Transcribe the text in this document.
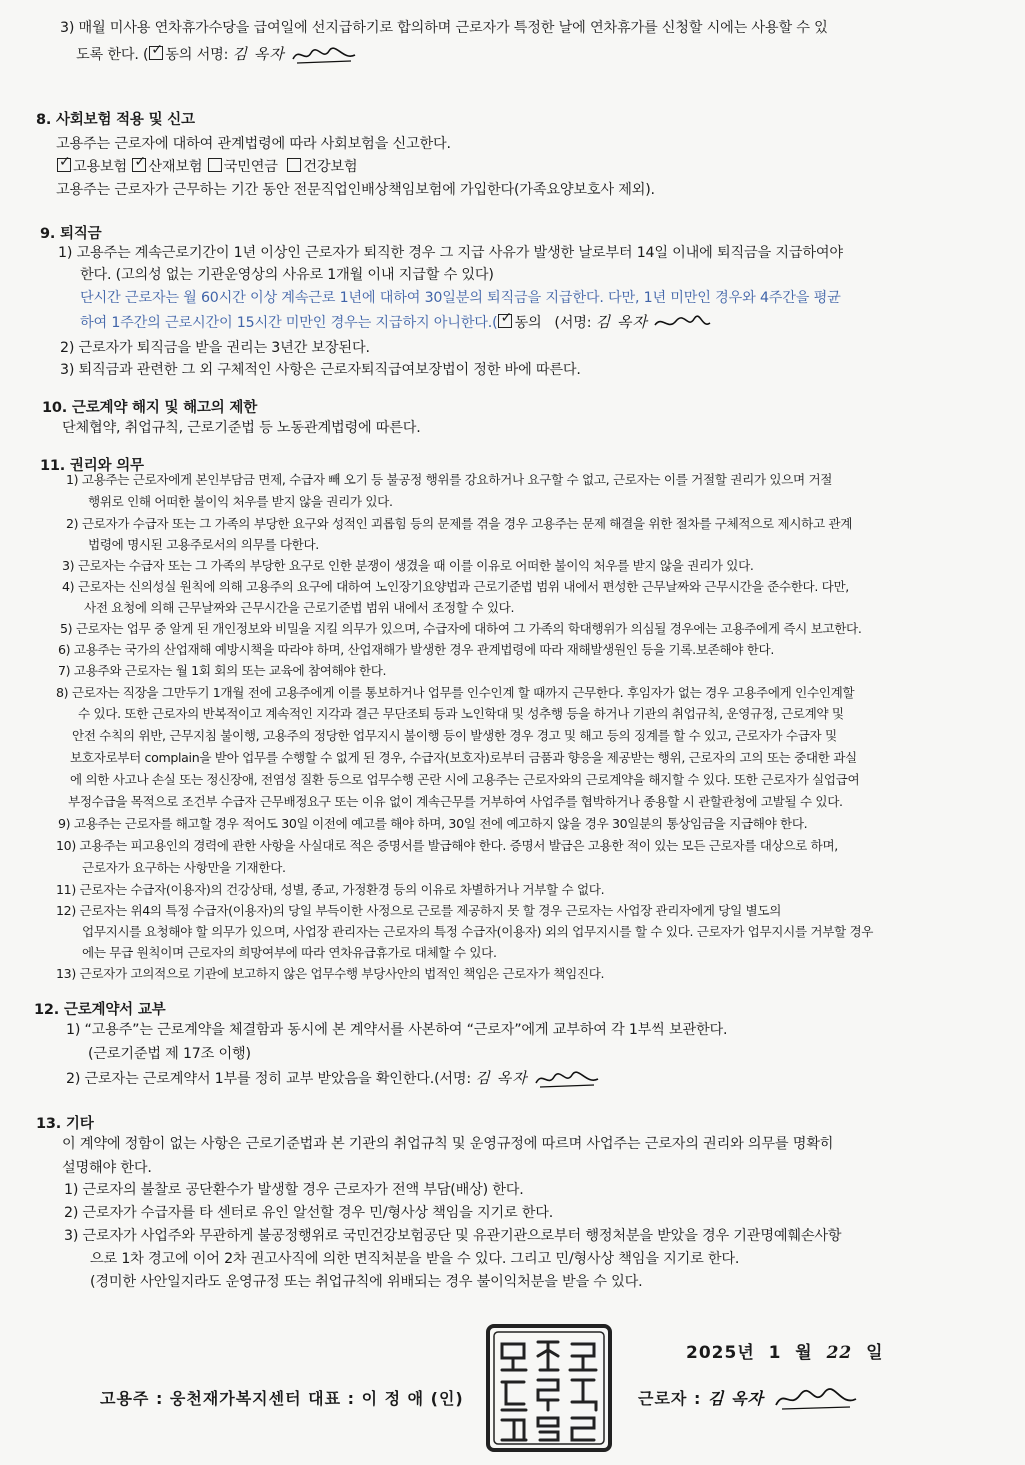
3) 매월 미사용 연차휴가수당을 급여일에 선지급하기로 합의하며 근로자가 특정한 날에 연차휴가를 신청할 시에는 사용할 수 있
도록 한다. ( ✓ 동의 서명: 김 옥자
8. 사회보험 적용 및 신고
고용주는 근로자에 대하여 관계법령에 따라 사회보험을 신고한다.
✓ 고용보험 ✓ 산재보험 국민연금 건강보험
고용주는 근로자가 근무하는 기간 동안 전문직업인배상책임보험에 가입한다(가족요양보호사 제외).
9. 퇴직금
1) 고용주는 계속근로기간이 1년 이상인 근로자가 퇴직한 경우 그 지급 사유가 발생한 날로부터 14일 이내에 퇴직금을 지급하여야
한다. (고의성 없는 기관운영상의 사유로 1개월 이내 지급할 수 있다)
단시간 근로자는 월 60시간 이상 계속근로 1년에 대하여 30일분의 퇴직금을 지급한다. 다만, 1년 미만인 경우와 4주간을 평균
하여 1주간의 근로시간이 15시간 미만인 경우는 지급하지 아니한다.( ✓ 동의 (서명: 김 옥자
2) 근로자가 퇴직금을 받을 권리는 3년간 보장된다.
3) 퇴직금과 관련한 그 외 구체적인 사항은 근로자퇴직급여보장법이 정한 바에 따른다.
10. 근로계약 해지 및 해고의 제한
단체협약, 취업규칙, 근로기준법 등 노동관계법령에 따른다.
11. 권리와 의무
1) 고용주는 근로자에게 본인부담금 면제, 수급자 빼 오기 등 불공정 행위를 강요하거나 요구할 수 없고, 근로자는 이를 거절할 권리가 있으며 거절
행위로 인해 어떠한 불이익 처우를 받지 않을 권리가 있다.
2) 근로자가 수급자 또는 그 가족의 부당한 요구와 성적인 괴롭힘 등의 문제를 겪을 경우 고용주는 문제 해결을 위한 절차를 구체적으로 제시하고 관계
법령에 명시된 고용주로서의 의무를 다한다.
3) 근로자는 수급자 또는 그 가족의 부당한 요구로 인한 분쟁이 생겼을 때 이를 이유로 어떠한 불이익 처우를 받지 않을 권리가 있다.
4) 근로자는 신의성실 원칙에 의해 고용주의 요구에 대하여 노인장기요양법과 근로기준법 범위 내에서 편성한 근무날짜와 근무시간을 준수한다. 다만,
사전 요청에 의해 근무날짜와 근무시간을 근로기준법 범위 내에서 조정할 수 있다.
5) 근로자는 업무 중 알게 된 개인정보와 비밀을 지킬 의무가 있으며, 수급자에 대하여 그 가족의 학대행위가 의심될 경우에는 고용주에게 즉시 보고한다.
6) 고용주는 국가의 산업재해 예방시책을 따라야 하며, 산업재해가 발생한 경우 관계법령에 따라 재해발생원인 등을 기록.보존해야 한다.
7) 고용주와 근로자는 월 1회 회의 또는 교육에 참여해야 한다.
8) 근로자는 직장을 그만두기 1개월 전에 고용주에게 이를 통보하거나 업무를 인수인계 할 때까지 근무한다. 후임자가 없는 경우 고용주에게 인수인계할
수 있다. 또한 근로자의 반복적이고 계속적인 지각과 결근 무단조퇴 등과 노인학대 및 성추행 등을 하거나 기관의 취업규칙, 운영규정, 근로계약 및
안전 수칙의 위반, 근무지침 불이행, 고용주의 정당한 업무지시 불이행 등이 발생한 경우 경고 및 해고 등의 징계를 할 수 있고, 근로자가 수급자 및
보호자로부터 complain을 받아 업무를 수행할 수 없게 된 경우, 수급자(보호자)로부터 금품과 향응을 제공받는 행위, 근로자의 고의 또는 중대한 과실
에 의한 사고나 손실 또는 정신장애, 전염성 질환 등으로 업무수행 곤란 시에 고용주는 근로자와의 근로계약을 해지할 수 있다. 또한 근로자가 실업급여
부정수급을 목적으로 조건부 수급자 근무배정요구 또는 이유 없이 계속근무를 거부하여 사업주를 협박하거나 종용할 시 관할관청에 고발될 수 있다.
9) 고용주는 근로자를 해고할 경우 적어도 30일 이전에 예고를 해야 하며, 30일 전에 예고하지 않을 경우 30일분의 통상임금을 지급해야 한다.
10) 고용주는 피고용인의 경력에 관한 사항을 사실대로 적은 증명서를 발급해야 한다. 증명서 발급은 고용한 적이 있는 모든 근로자를 대상으로 하며,
근로자가 요구하는 사항만을 기재한다.
11) 근로자는 수급자(이용자)의 건강상태, 성별, 종교, 가정환경 등의 이유로 차별하거나 거부할 수 없다.
12) 근로자는 위4의 특정 수급자(이용자)의 당일 부득이한 사정으로 근로를 제공하지 못 할 경우 근로자는 사업장 관리자에게 당일 별도의
업무지시를 요청해야 할 의무가 있으며, 사업장 관리자는 근로자의 특정 수급자(이용자) 외의 업무지시를 할 수 있다. 근로자가 업무지시를 거부할 경우
에는 무급 원칙이며 근로자의 희망여부에 따라 연차유급휴가로 대체할 수 있다.
13) 근로자가 고의적으로 기관에 보고하지 않은 업무수행 부당사안의 법적인 책임은 근로자가 책임진다.
12. 근로계약서 교부
1) “고용주”는 근로계약을 체결함과 동시에 본 계약서를 사본하여 “근로자”에게 교부하여 각 1부씩 보관한다.
(근로기준법 제 17조 이행)
2) 근로자는 근로계약서 1부를 정히 교부 받았음을 확인한다.(서명: 김 옥자
13. 기타
이 계약에 정함이 없는 사항은 근로기준법과 본 기관의 취업규칙 및 운영규정에 따르며 사업주는 근로자의 권리와 의무를 명확히
설명해야 한다.
1) 근로자의 불찰로 공단환수가 발생할 경우 근로자가 전액 부담(배상) 한다.
2) 근로자가 수급자를 타 센터로 유인 알선할 경우 민/형사상 책임을 지기로 한다.
3) 근로자가 사업주와 무관하게 불공정행위로 국민건강보험공단 및 유관기관으로부터 행정처분을 받았을 경우 기관명예훼손사항
으로 1차 경고에 이어 2차 권고사직에 의한 면직처분을 받을 수 있다. 그리고 민/형사상 책임을 지기로 한다.
(경미한 사안일지라도 운영규정 또는 취업규칙에 위배되는 경우 불이익처분을 받을 수 있다.
2025년 1 월 22 일
고용주 : 웅천재가복지센터 대표 : 이 정 애 (인)	근로자 : 김 옥자
